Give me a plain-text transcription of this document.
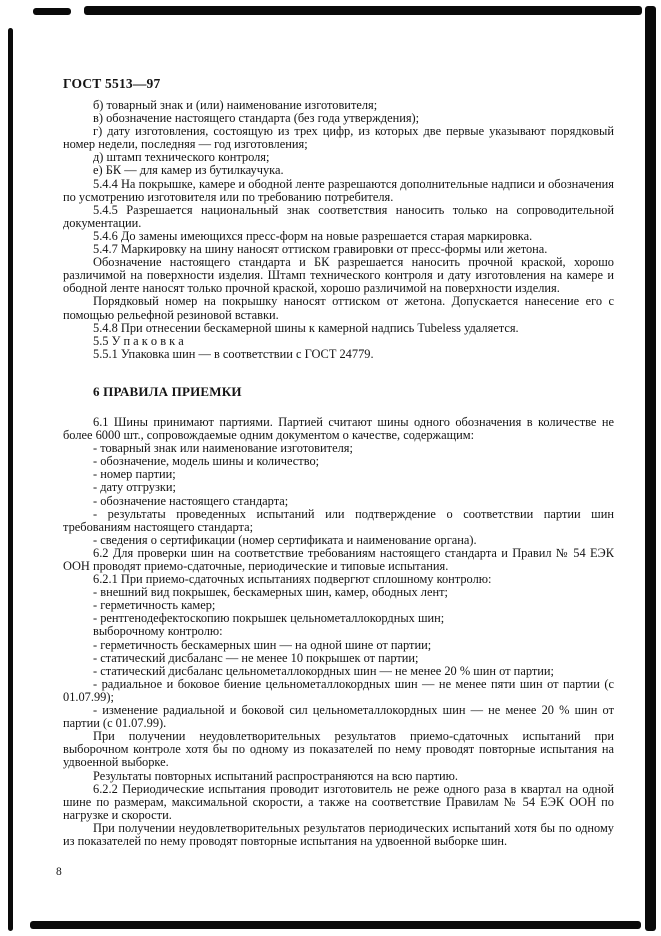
ГОСТ 5513—97

б) товарный знак и (или) наименование изготовителя;

в) обозначение настоящего стандарта (без года утверждения);

г) дату изготовления, состоящую из трех цифр, из которых две первые указывают порядковый номер недели, последняя — год изготовления;

д) штамп технического контроля;

е) БК — для камер из бутилкаучука.

5.4.4 На покрышке, камере и ободной ленте разрешаются дополнительные надписи и обозначения по усмотрению изготовителя или по требованию потребителя.

5.4.5 Разрешается национальный знак соответствия наносить только на сопроводительной документации.

5.4.6 До замены имеющихся пресс-форм на новые разрешается старая маркировка.

5.4.7 Маркировку на шину наносят оттиском гравировки от пресс-формы или жетона.

Обозначение настоящего стандарта и БК разрешается наносить прочной краской, хорошо различимой на поверхности изделия. Штамп технического контроля и дату изготовления на камере и ободной ленте наносят только прочной краской, хорошо различимой на поверхности изделия.

Порядковый номер на покрышку наносят оттиском от жетона. Допускается нанесение его с помощью рельефной резиновой вставки.

5.4.8 При отнесении бескамерной шины к камерной надпись Tubeless удаляется.

5.5 У п а к о в к а

5.5.1 Упаковка шин — в соответствии с ГОСТ 24779.

6 ПРАВИЛА ПРИЕМКИ

6.1 Шины принимают партиями. Партией считают шины одного обозначения в количестве не более 6000 шт., сопровождаемые одним документом о качестве, содержащим:

- товарный знак или наименование изготовителя;

- обозначение, модель шины и количество;

- номер партии;

- дату отгрузки;

- обозначение настоящего стандарта;

- результаты проведенных испытаний или подтверждение о соответствии партии шин требованиям настоящего стандарта;

- сведения о сертификации (номер сертификата и наименование органа).

6.2 Для проверки шин на соответствие требованиям настоящего стандарта и Правил № 54 ЕЭК ООН проводят приемо-сдаточные, периодические и типовые испытания.

6.2.1 При приемо-сдаточных испытаниях подвергют сплошному контролю:

- внешний вид покрышек, бескамерных шин, камер, ободных лент;

- герметичность камер;

- рентгенодефектоскопию покрышек цельнометаллокордных шин;

выборочному контролю:

- герметичность бескамерных шин — на одной шине от партии;

- статический дисбаланс — не менее 10 покрышек от партии;

- статический дисбаланс цельнометаллокордных шин — не менее 20 % шин от партии;

- радиальное и боковое биение цельнометаллокордных шин — не менее пяти шин от партии (с 01.07.99);

- изменение радиальной и боковой сил цельнометаллокордных шин — не менее 20 % шин от партии (с 01.07.99).

При получении неудовлетворительных результатов приемо-сдаточных испытаний при выборочном контроле хотя бы по одному из показателей по нему проводят повторные испытания на удвоенной выборке.

Результаты повторных испытаний распространяются на всю партию.

6.2.2 Периодические испытания проводит изготовитель не реже одного раза в квартал на одной шине по размерам, максимальной скорости, а также на соответствие Правилам № 54 ЕЭК ООН по нагрузке и скорости.

При получении неудовлетворительных результатов периодических испытаний хотя бы по одному из показателей по нему проводят повторные испытания на удвоенной выборке шин.

8
